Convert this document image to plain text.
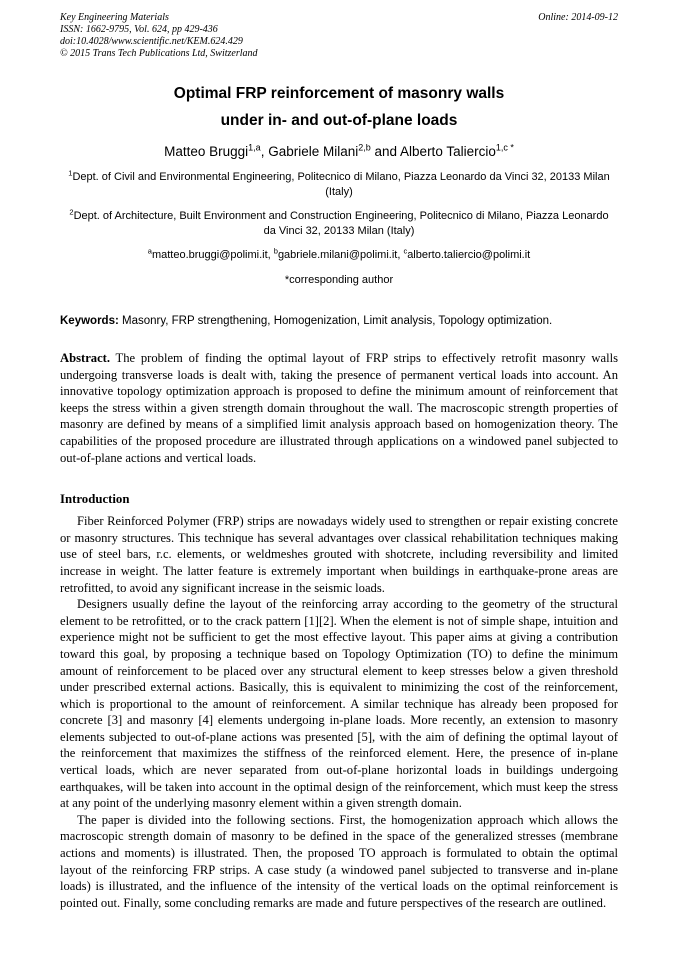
Key Engineering Materials
ISSN: 1662-9795, Vol. 624, pp 429-436
doi:10.4028/www.scientific.net/KEM.624.429
© 2015 Trans Tech Publications Ltd, Switzerland
Online: 2014-09-12
Optimal FRP reinforcement of masonry walls
under in- and out-of-plane loads
Matteo Bruggi$^{1,a}$, Gabriele Milani$^{2,b}$ and Alberto Taliercio$^{1,c *}$
$^1$Dept. of Civil and Environmental Engineering, Politecnico di Milano, Piazza Leonardo da Vinci 32, 20133 Milan (Italy)
$^2$Dept. of Architecture, Built Environment and Construction Engineering, Politecnico di Milano, Piazza Leonardo da Vinci 32, 20133 Milan (Italy)
$^a$matteo.bruggi@polimi.it, $^b$gabriele.milani@polimi.it, $^c$alberto.taliercio@polimi.it
*corresponding author
Keywords: Masonry, FRP strengthening, Homogenization, Limit analysis, Topology optimization.
Abstract. The problem of finding the optimal layout of FRP strips to effectively retrofit masonry walls undergoing transverse loads is dealt with, taking the presence of permanent vertical loads into account. An innovative topology optimization approach is proposed to define the minimum amount of reinforcement that keeps the stress within a given strength domain throughout the wall. The macroscopic strength properties of masonry are defined by means of a simplified limit analysis approach based on homogenization theory. The capabilities of the proposed procedure are illustrated through applications on a windowed panel subjected to out-of-plane actions and vertical loads.
Introduction

Fiber Reinforced Polymer (FRP) strips are nowadays widely used to strengthen or repair existing concrete or masonry structures. This technique has several advantages over classical rehabilitation techniques making use of steel bars, r.c. elements, or weldmeshes grouted with shotcrete, including reversibility and limited increase in weight. The latter feature is extremely important when buildings in earthquake-prone areas are retrofitted, to avoid any significant increase in the seismic loads.

Designers usually define the layout of the reinforcing array according to the geometry of the structural element to be retrofitted, or to the crack pattern [1][2]. When the element is not of simple shape, intuition and experience might not be sufficient to get the most effective layout. This paper aims at giving a contribution toward this goal, by proposing a technique based on Topology Optimization (TO) to define the minimum amount of reinforcement to be placed over any structural element to keep stresses below a given threshold under prescribed external actions. Basically, this is equivalent to minimizing the cost of the reinforcement, which is proportional to the amount of reinforcement. A similar technique has already been proposed for concrete [3] and masonry [4] elements undergoing in-plane loads. More recently, an extension to masonry elements subjected to out-of-plane actions was presented [5], with the aim of defining the optimal layout of the reinforcement that maximizes the stiffness of the reinforced element. Here, the presence of in-plane vertical loads, which are never separated from out-of-plane horizontal loads in buildings undergoing earthquakes, will be taken into account in the optimal design of the reinforcement, which must keep the stress at any point of the underlying masonry element within a given strength domain.

The paper is divided into the following sections. First, the homogenization approach which allows the macroscopic strength domain of masonry to be defined in the space of the generalized stresses (membrane actions and moments) is illustrated. Then, the proposed TO approach is formulated to obtain the optimal layout of the reinforcing FRP strips. A case study (a windowed panel subjected to transverse and in-plane loads) is illustrated, and the influence of the intensity of the vertical loads on the optimal reinforcement is pointed out. Finally, some concluding remarks are made and future perspectives of the research are outlined.
